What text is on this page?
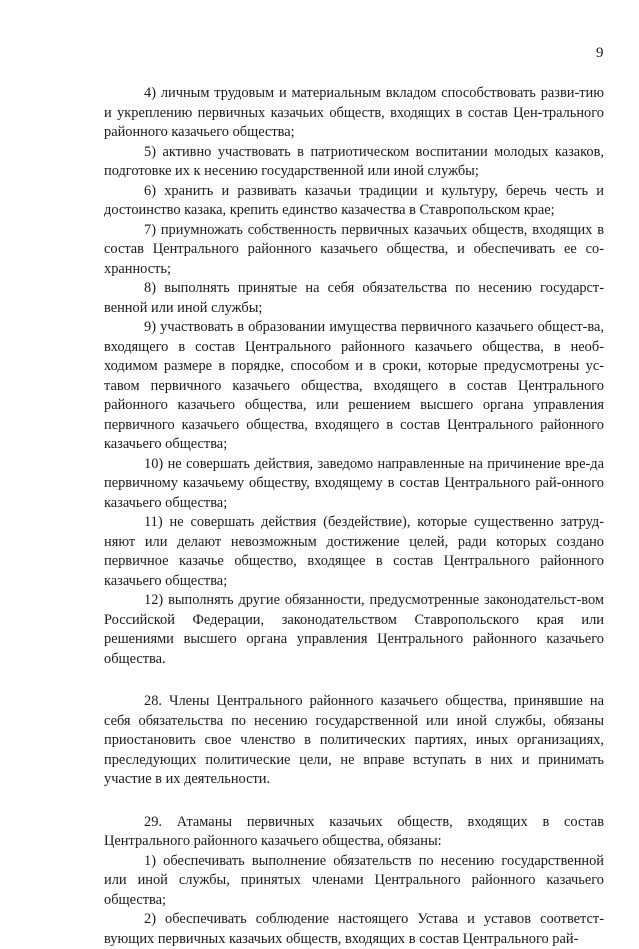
9

4) личным трудовым и материальным вкладом способствовать разви-тию и укреплению первичных казачьих обществ, входящих в состав Цен-трального районного казачьего общества;

5) активно участвовать в патриотическом воспитании молодых казаков, подготовке их к несению государственной или иной службы;

6) хранить и развивать казачьи традиции и культуру, беречь честь и достоинство казака, крепить единство казачества в Ставропольском крае;

7) приумножать собственность первичных казачьих обществ, входящих в состав Центрального районного казачьего общества, и обеспечивать ее со-хранность;

8) выполнять принятые на себя обязательства по несению государст-венной или иной службы;

9) участвовать в образовании имущества первичного казачьего общест-ва, входящего в состав Центрального районного казачьего общества, в необ-ходимом размере в порядке, способом и в сроки, которые предусмотрены ус-тавом первичного казачьего общества, входящего в состав Центрального районного казачьего общества, или решением высшего органа управления первичного казачьего общества, входящего в состав Центрального районного казачьего общества;

10) не совершать действия, заведомо направленные на причинение вре-да первичному казачьему обществу, входящему в состав Центрального рай-онного казачьего общества;

11) не совершать действия (бездействие), которые существенно затруд-няют или делают невозможным достижение целей, ради которых создано первичное казачье общество, входящее в состав Центрального районного казачьего общества;

12) выполнять другие обязанности, предусмотренные законодательст-вом Российской Федерации, законодательством Ставропольского края или решениями высшего органа управления Центрального районного казачьего общества.

28. Члены Центрального районного казачьего общества, принявшие на себя обязательства по несению государственной или иной службы, обязаны приостановить свое членство в политических партиях, иных организациях, преследующих политические цели, не вправе вступать в них и принимать участие в их деятельности.

29. Атаманы первичных казачьих обществ, входящих в состав Центрального районного казачьего общества, обязаны:

1) обеспечивать выполнение обязательств по несению государственной или иной службы, принятых членами Центрального районного казачьего общества;

2) обеспечивать соблюдение настоящего Устава и уставов соответст-вующих первичных казачьих обществ, входящих в состав Центрального рай-
